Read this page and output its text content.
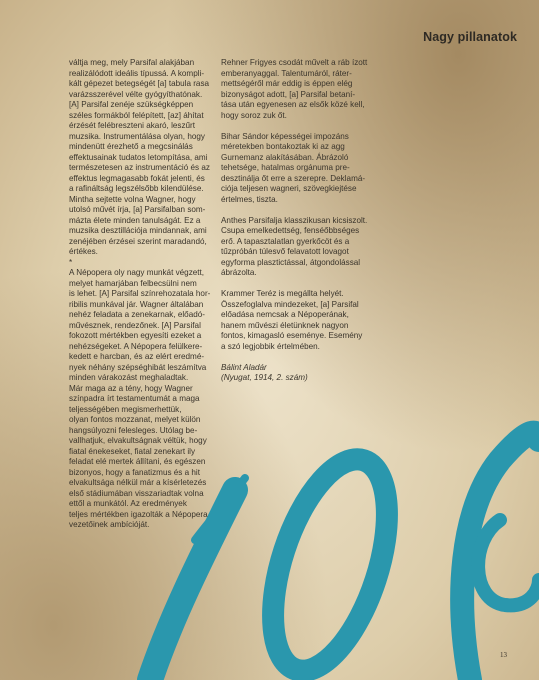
Nagy pillanatok
váltja meg, mely Parsifal alakjában
realizálódott ideális típussá. A kompli-
kált gépezet betegségét [a] tabula rasa
varázsszerével vélte gyógyíthatónak.
[A] Parsifal zenéje szükségképpen
széles formákból felépített, [az] áhítat
érzését felébreszteni akaró, leszűrt
muzsika. Instrumentálása olyan, hogy
mindenütt érezhető a megcsinálás
effektusainak tudatos letompítása, ami
természetesen az instrumentáció és az
effektus legmagasabb fokát jelenti, és
a rafináltság legszélsőbb kilendülése.
Mintha sejtette volna Wagner, hogy
utolsó művét írja, [a] Parsifalban som-
mázta élete minden tanulságát. Ez a
muzsika desztillációja mindannak, ami
zenéjében érzései szerint maradandó,
értékes.
*
A Népopera oly nagy munkát végzett,
melyet hamarjában felbecsülni nem
is lehet. [A] Parsifal színrehozatala hor-
ribilis munkával jár. Wagner általában
nehéz feladata a zenekarnak, előadó-
művésznek, rendezőnek. [A] Parsifal
fokozott mértékben egyesíti ezeket a
nehézségeket. A Népopera felülkere-
kedett e harcban, és az elért eredmé-
nyek néhány szépséghibát leszámítva
minden várakozást meghaladtak.
Már maga az a tény, hogy Wagner
színpadra írt testamentumát a maga
teljességében megismerhettük,
olyan fontos mozzanat, melyet külön
hangsúlyozni felesleges. Utólag be-
vallhatjuk, elvakultságnak véltük, hogy
fiatal énekeseket, fiatal zenekart ily
feladat elé mertek állítani, és egészen
bizonyos, hogy a fanatizmus és a hit
elvakultsága nélkül már a kísérletezés
első stádiumában visszariadtak volna
ettől a munkától. Az eredmények
teljes mértékben igazolták a Népopera
vezetőinek ambícióját.
Rehner Frigyes csodát művelt a ráb ízott
emberanyaggal. Talentumáról, ráter-
mettségéről már eddig is éppen elég
bizonyságot adott, [a] Parsifal betaní-
tása után egyenesen az elsők közé kell,
hogy soroz zuk őt.
Bihar Sándor képességei impozáns
méretekben bontakoztak ki az agg
Gurnemanz alakításában. Ábrázoló
tehetsége, hatalmas orgánuma pre-
desztinálja őt erre a szerepre. Deklamá-
ciója teljesen wagneri, szövegkiejtése
értelmes, tiszta.
Anthes Parsifalja klasszikusan kicsiszolt.
Csupa emelkedettség, fenséőbbséges
erő. A tapasztalatlan gyerkőcöt és a
tűzpróbán túlesvő felavatott lovagot
egyforma plasztictással, átgondolással
ábrázolta.
Krammer Teréz is megállta helyét.
Összefoglalva mindezeket, [a] Parsifal
előadása nemcsak a Népoperának,
hanem művészi életünknek nagyon
fontos, kimagasló eseménye. Esemény
a szó legjobbik értelmében.
Bálint Aladár
(Nyugat, 1914, 2. szám)
13
